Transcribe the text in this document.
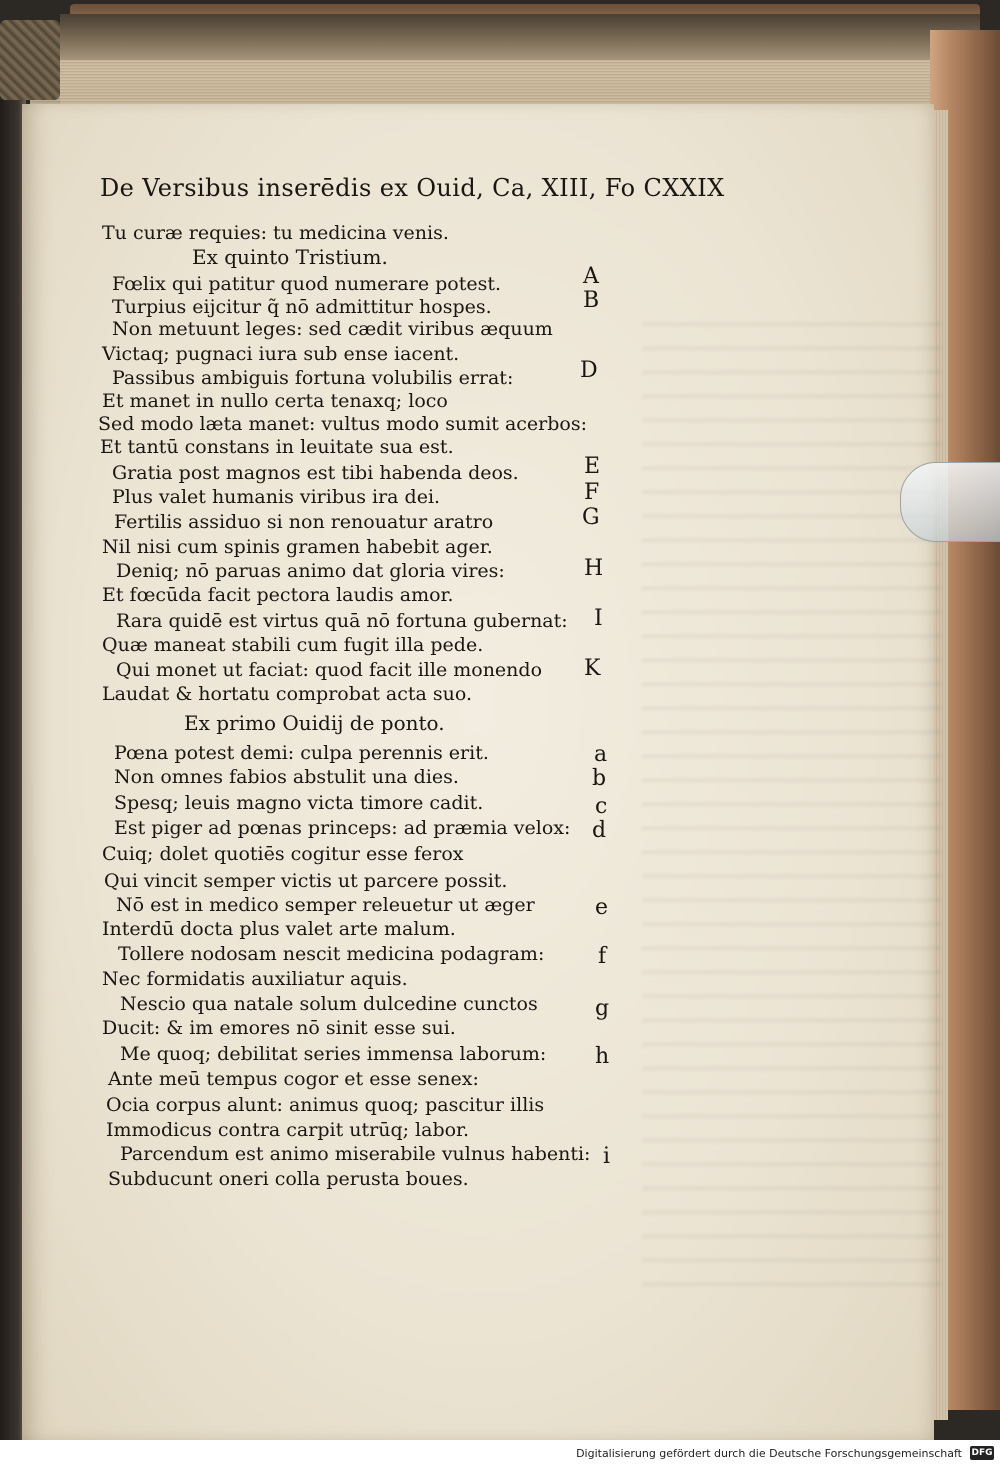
De Versibus inserēdis ex Ouid, Ca, XIII, Fo CXXIX
Tu curæ requies: tu medicina venis.
Ex quinto Tristium.
Fœlix qui patitur quod numerare potest.
Turpius eijcitur q̃ nō admittitur hospes.
Non metuunt leges: sed cædit viribus æquum
Victaq; pugnaci iura sub ense iacent.
Passibus ambiguis fortuna volubilis errat:
Et manet in nullo certa tenaxq; loco
Sed modo læta manet: vultus modo sumit acerbos:
Et tantū constans in leuitate sua est.
Gratia post magnos est tibi habenda deos.
Plus valet humanis viribus ira dei.
Fertilis assiduo si non renouatur aratro
Nil nisi cum spinis gramen habebit ager.
Deniq; nō paruas animo dat gloria vires:
Et fœcūda facit pectora laudis amor.
Rara quidē est virtus quā nō fortuna gubernat:
Quæ maneat stabili cum fugit illa pede.
Qui monet ut faciat: quod facit ille monendo
Laudat & hortatu comprobat acta suo.
Ex primo Ouidij de ponto.
Pœna potest demi: culpa perennis erit.
Non omnes fabios abstulit una dies.
Spesq; leuis magno victa timore cadit.
Est piger ad pœnas princeps: ad præmia velox:
Cuiq; dolet quotiēs cogitur esse ferox
Qui vincit semper victis ut parcere possit.
Nō est in medico semper releuetur ut æger
Interdū docta plus valet arte malum.
Tollere nodosam nescit medicina podagram:
Nec formidatis auxiliatur aquis.
Nescio qua natale solum dulcedine cunctos
Ducit: & im emores nō sinit esse sui.
Me quoq; debilitat series immensa laborum:
Ante meū tempus cogor et esse senex:
Ocia corpus alunt: animus quoq; pascitur illis
Immodicus contra carpit utrūq; labor.
Parcendum est animo miserabile vulnus habenti:
Subducunt oneri colla perusta boues.
A
B
D
E
F
G
H
I
K
a
b
c
d
e
f
g
h
i
Digitalisierung gefördert durch die Deutsche Forschungsgemeinschaft DFG
